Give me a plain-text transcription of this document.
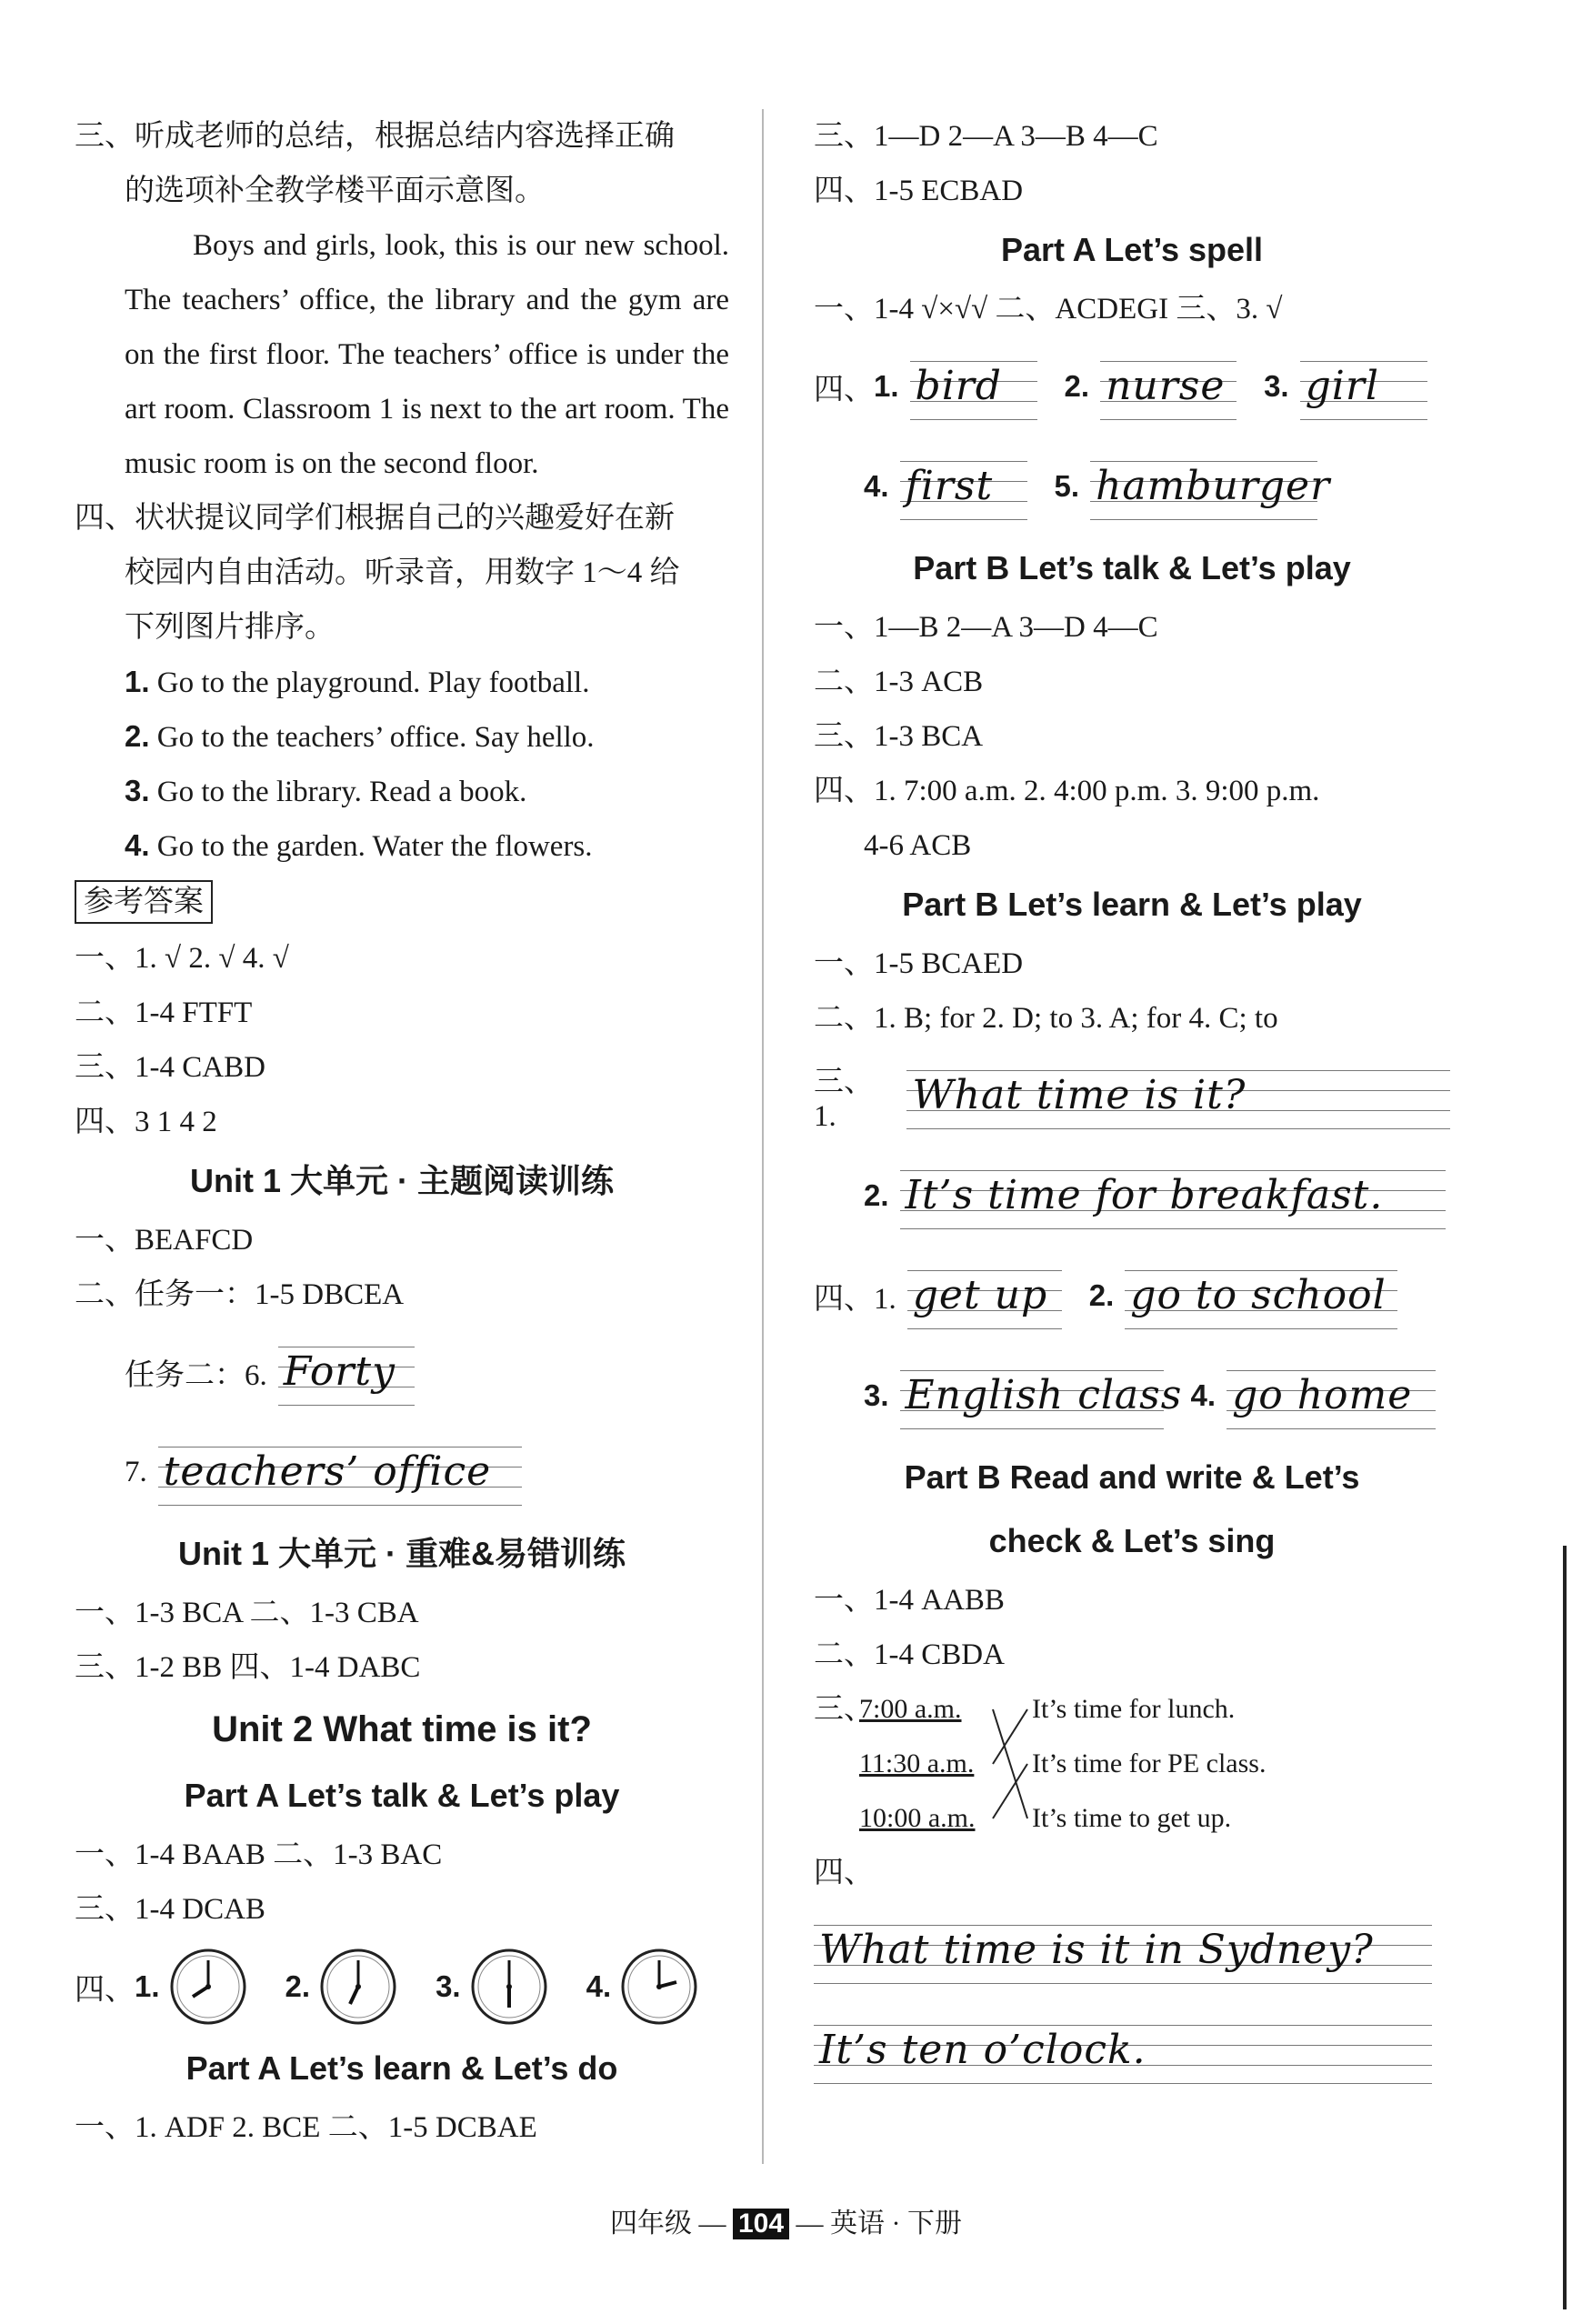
三、听成老师的总结，根据总结内容选择正确
的选项补全教学楼平面示意图。
Boys and girls, look, this is our new school. The teachers’ office, the library and the gym are on the first floor. The teachers’ office is under the art room. Classroom 1 is next to the art room. The music room is on the second floor.
四、状状提议同学们根据自己的兴趣爱好在新
校园内自由活动。听录音，用数字 1～4 给
下列图片排序。
1. Go to the playground. Play football.
2. Go to the teachers’ office. Say hello.
3. Go to the library. Read a book.
4. Go to the garden. Water the flowers.
参考答案
一、1. √ 2. √ 4. √
二、1-4 FTFT
三、1-4 CABD
四、3 1 4 2
Unit 1 大单元 · 主题阅读训练
一、BEAFCD
二、任务一：1-5 DBCEA
任务二：6. Forty
7. teachers’ office
Unit 1 大单元 · 重难&易错训练
一、1-3 BCA 二、1-3 CBA
三、1-2 BB 四、1-4 DABC
Unit 2 What time is it?
Part A Let’s talk & Let’s play
一、1-4 BAAB 二、1-3 BAC
三、1-4 DCAB
四、 1.	2.	3.	4.
Part A Let’s learn & Let’s do
一、1. ADF 2. BCE 二、1-5 DCBAE
三、1—D 2—A 3—B 4—C
四、1-5 ECBAD
Part A Let’s spell
一、1-4 √×√√ 二、ACDEGI 三、3. √
四、 1. bird 2. nurse 3. girl
4. first 5. hamburger
Part B Let’s talk & Let’s play
一、1—B 2—A 3—D 4—C
二、1-3 ACB
三、1-3 BCA
四、1. 7:00 a.m. 2. 4:00 p.m. 3. 9:00 p.m.
4-6 ACB
Part B Let’s learn & Let’s play
一、1-5 BCAED
二、1. B; for 2. D; to 3. A; for 4. C; to
三、1.	What time is it?
2. It’s time for breakfast.
四、1. get up 2. go to school
3. English class 4. go home
Part B Read and write & Let’s
check & Let’s sing
一、1-4 AABB
二、1-4 CBDA
三、
7:00 a.m.	It’s time for lunch.
11:30 a.m. It’s time for PE class.
10:00 a.m. It’s time to get up.
四、
What time is it in Sydney?
It’s ten o’clock.
四年级 — 104 — 英语 · 下册
